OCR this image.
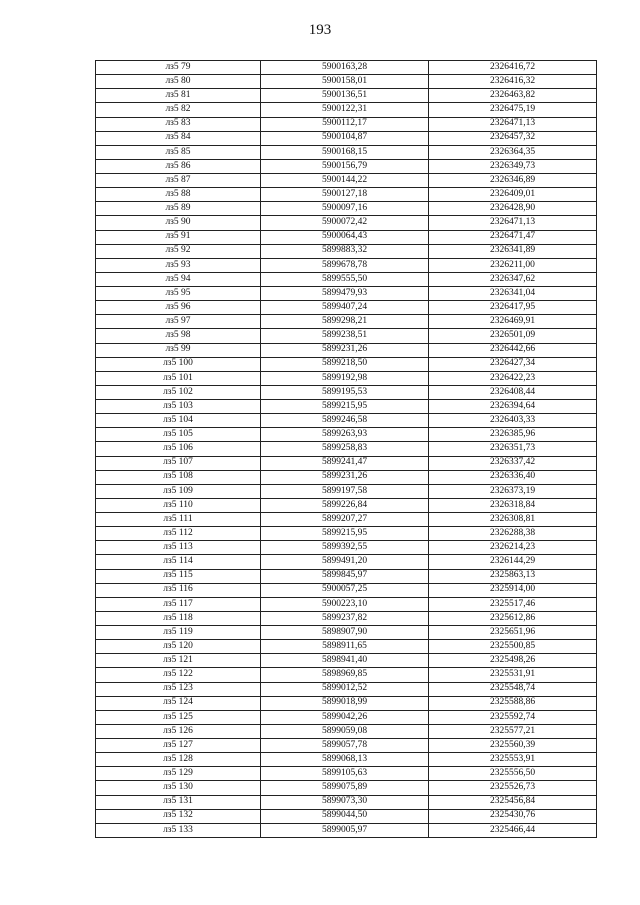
193
лз5 79	5900163,28	2326416,72
лз5 80	5900158,01	2326416,32
лз5 81	5900136,51	2326463,82
лз5 82	5900122,31	2326475,19
лз5 83	5900112,17	2326471,13
лз5 84	5900104,87	2326457,32
лз5 85	5900168,15	2326364,35
лз5 86	5900156,79	2326349,73
лз5 87	5900144,22	2326346,89
лз5 88	5900127,18	2326409,01
лз5 89	5900097,16	2326428,90
лз5 90	5900072,42	2326471,13
лз5 91	5900064,43	2326471,47
лз5 92	5899883,32	2326341,89
лз5 93	5899678,78	2326211,00
лз5 94	5899555,50	2326347,62
лз5 95	5899479,93	2326341,04
лз5 96	5899407,24	2326417,95
лз5 97	5899298,21	2326469,91
лз5 98	5899238,51	2326501,09
лз5 99	5899231,26	2326442,66
лз5 100	5899218,50	2326427,34
лз5 101	5899192,98	2326422,23
лз5 102	5899195,53	2326408,44
лз5 103	5899215,95	2326394,64
лз5 104	5899246,58	2326403,33
лз5 105	5899263,93	2326385,96
лз5 106	5899258,83	2326351,73
лз5 107	5899241,47	2326337,42
лз5 108	5899231,26	2326336,40
лз5 109	5899197,58	2326373,19
лз5 110	5899226,84	2326318,84
лз5 111	5899207,27	2326308,81
лз5 112	5899215,95	2326288,38
лз5 113	5899392,55	2326214,23
лз5 114	5899491,20	2326144,29
лз5 115	5899845,97	2325863,13
лз5 116	5900057,25	2325914,00
лз5 117	5900223,10	2325517,46
лз5 118	5899237,82	2325612,86
лз5 119	5898907,90	2325651,96
лз5 120	5898911,65	2325500,85
лз5 121	5898941,40	2325498,26
лз5 122	5898969,85	2325531,91
лз5 123	5899012,52	2325548,74
лз5 124	5899018,99	2325588,86
лз5 125	5899042,26	2325592,74
лз5 126	5899059,08	2325577,21
лз5 127	5899057,78	2325560,39
лз5 128	5899068,13	2325553,91
лз5 129	5899105,63	2325556,50
лз5 130	5899075,89	2325526,73
лз5 131	5899073,30	2325456,84
лз5 132	5899044,50	2325430,76
лз5 133	5899005,97	2325466,44
